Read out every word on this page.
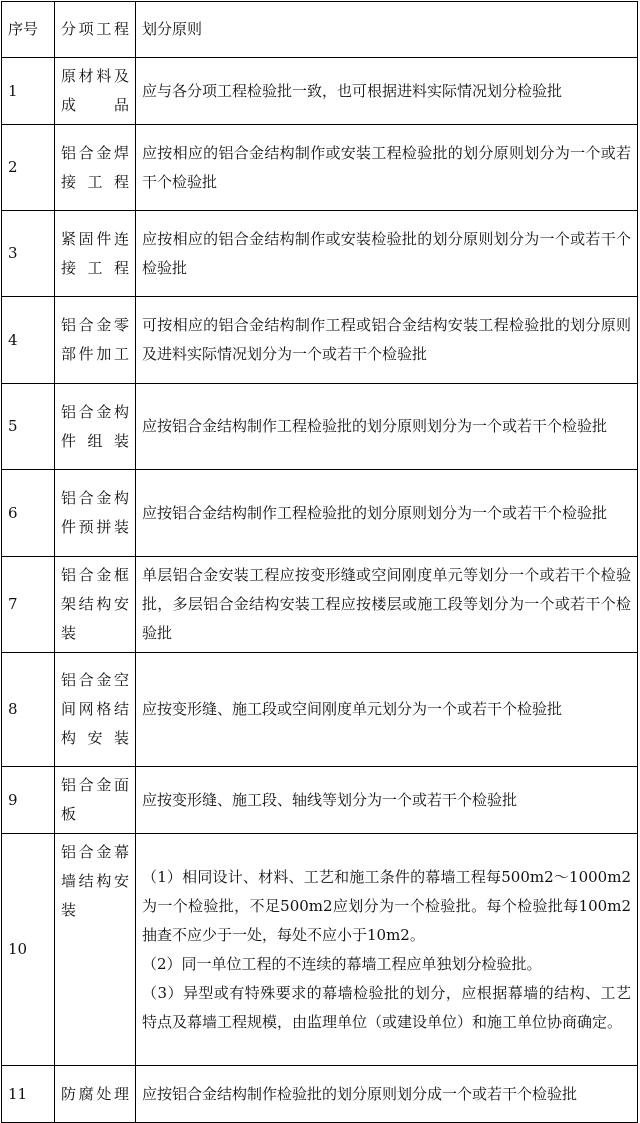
序号	分项工程	划分原则
1	原材料及成品	应与各分项工程检验批一致，也可根据进料实际情况划分检验批

2	铝合金焊接工程	应按相应的铝合金结构制作或安装工程检验批的划分原则划分为一个或若干个检验批

3	紧固件连接工程	应按相应的铝合金结构制作或安装检验批的划分原则划分为一个或若干个检验批

4	铝合金零部件加工	可按相应的铝合金结构制作工程或铝合金结构安装工程检验批的划分原则及进料实际情况划分为一个或若干个检验批

5	铝合金构件组装	应按铝合金结构制作工程检验批的划分原则划分为一个或若干个检验批

6	铝合金构件预拼装	应按铝合金结构制作工程检验批的划分原则划分为一个或若干个检验批

7	铝合金框架结构安装	单层铝合金安装工程应按变形缝或空间刚度单元等划分一个或若干个检验批，多层铝合金结构安装工程应按楼层或施工段等划分为一个或若干个检验批

8	铝合金空间网格结构安装	应按变形缝、施工段或空间刚度单元划分为一个或若干个检验批

9	铝合金面板	应按变形缝、施工段、轴线等划分为一个或若干个检验批

10	铝合金幕墙结构安装	（1）相同设计、材料、工艺和施工条件的幕墙工程每500m2～1000m2为一个检验批，不足500m2应划分为一个检验批。每个检验批每100m2抽查不应少于一处，每处不应小于10m2。
（2）同一单位工程的不连续的幕墙工程应单独划分检验批。
（3）异型或有特殊要求的幕墙检验批的划分，应根据幕墙的结构、工艺特点及幕墙工程规模，由监理单位（或建设单位）和施工单位协商确定。

11	防腐处理	应按铝合金结构制作检验批的划分原则划分成一个或若干个检验批
